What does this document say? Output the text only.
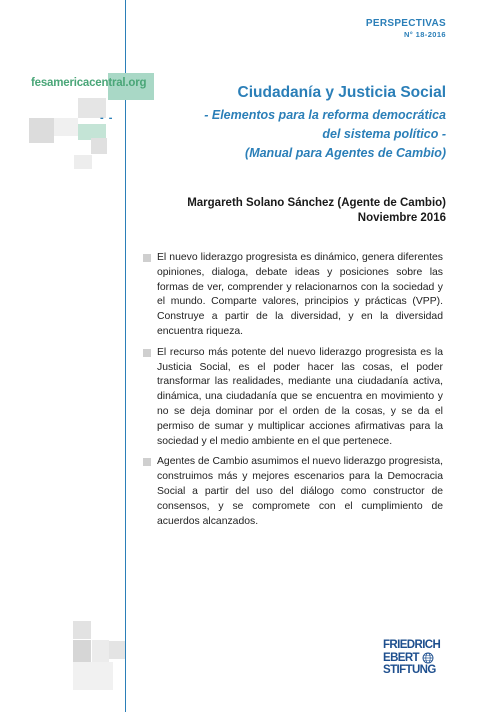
PERSPECTIVAS
N° 18-2016
fesamericacentral.org
- -
Ciudadanía y Justicia Social
- Elementos para la reforma democrática
del sistema político -
(Manual para Agentes de Cambio)
Margareth Solano Sánchez (Agente de Cambio)
Noviembre 2016
El nuevo liderazgo progresista es dinámico, genera diferentes opiniones, dialoga, debate ideas y posiciones sobre las formas de ver, comprender y relacionarnos con la sociedad y el mundo. Comparte valores, principios y prácticas (VPP). Construye a partir de la diversidad, y en la diversidad encuentra riqueza.
El recurso más potente del nuevo liderazgo progresista es la Justicia Social, es el poder hacer las cosas, el poder transformar las realidades, mediante una ciudadanía activa, dinámica, una ciudadanía que se encuentra en movimiento y no se deja dominar por el orden de la cosas, y se da el permiso de sumar y multiplicar acciones afirmativas para la sociedad y el medio ambiente en el que pertenece.
Agentes de Cambio asumimos el nuevo liderazgo progresista, construimos más y mejores escenarios para la Democracia Social a partir del uso del diálogo como constructor de consensos, y se compromete con el cumplimiento de acuerdos alcanzados.
FRIEDRICH
EBERT
STIFTUNG
